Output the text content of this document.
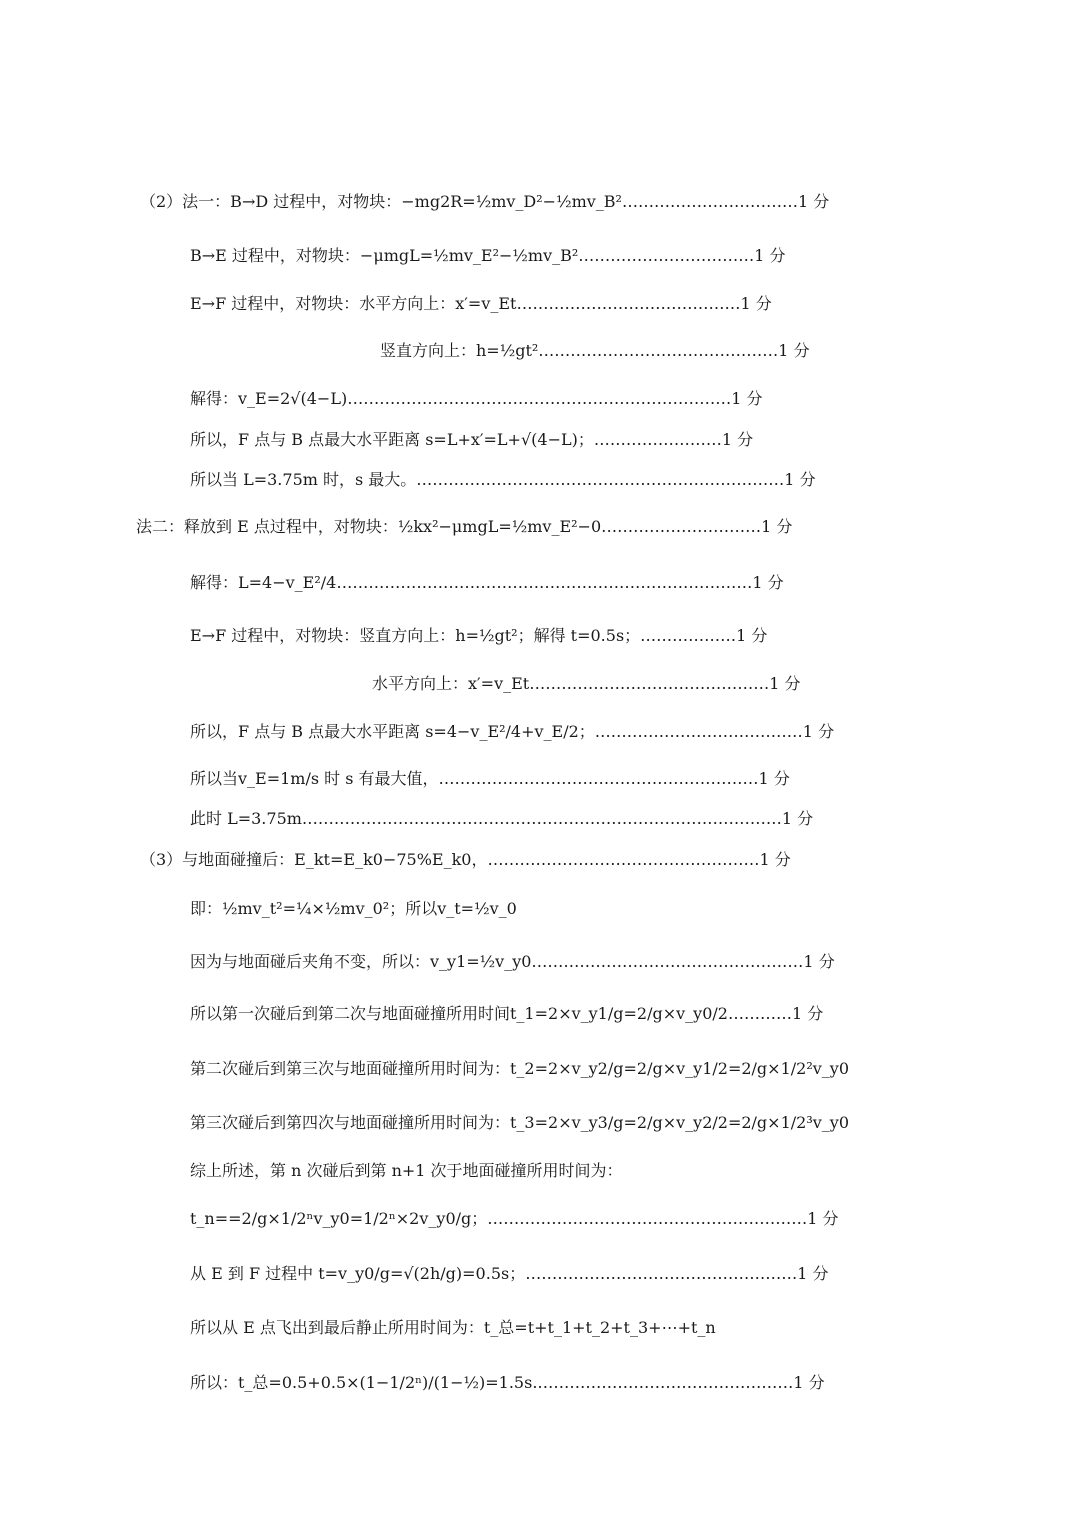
（2）法一：B→D 过程中，对物块：−mg2R=½mv_D²−½mv_B²……………………………1 分
B→E 过程中，对物块：−μmgL=½mv_E²−½mv_B²……………………………1 分
E→F 过程中，对物块：水平方向上：x′=v_Et……………………………………1 分
竖直方向上：h=½gt²………………………………………1 分
解得：v_E=2√(4−L)………………………………………………………………1 分
所以，F 点与 B 点最大水平距离 s=L+x′=L+√(4−L)；……………………1 分
所以当 L=3.75m 时，s 最大。……………………………………………………………1 分
法二：释放到 E 点过程中，对物块：½kx²−μmgL=½mv_E²−0…………………………1 分
解得：L=4−v_E²/4……………………………………………………………………1 分
E→F 过程中，对物块：竖直方向上：h=½gt²；解得 t=0.5s；………………1 分
水平方向上：x′=v_Et………………………………………1 分
所以，F 点与 B 点最大水平距离 s=4−v_E²/4+v_E/2；…………………………………1 分
所以当v_E=1m/s 时 s 有最大值，……………………………………………………1 分
此时 L=3.75m………………………………………………………………………………1 分
（3）与地面碰撞后：E_kt=E_k0−75%E_k0，……………………………………………1 分
即：½mv_t²=¼×½mv_0²；所以v_t=½v_0
因为与地面碰后夹角不变，所以：v_y1=½v_y0……………………………………………1 分
所以第一次碰后到第二次与地面碰撞所用时间t_1=2×v_y1/g=2/g×v_y0/2…………1 分
第二次碰后到第三次与地面碰撞所用时间为：t_2=2×v_y2/g=2/g×v_y1/2=2/g×1/2²v_y0
第三次碰后到第四次与地面碰撞所用时间为：t_3=2×v_y3/g=2/g×v_y2/2=2/g×1/2³v_y0
综上所述，第 n 次碰后到第 n+1 次于地面碰撞所用时间为：
t_n==2/g×1/2ⁿv_y0=1/2ⁿ×2v_y0/g；……………………………………………………1 分
从 E 到 F 过程中 t=v_y0/g=√(2h/g)=0.5s；……………………………………………1 分
所以从 E 点飞出到最后静止所用时间为：t_总=t+t_1+t_2+t_3+⋯+t_n
所以：t_总=0.5+0.5×(1−1/2ⁿ)/(1−½)=1.5s.…………………………………………1 分
